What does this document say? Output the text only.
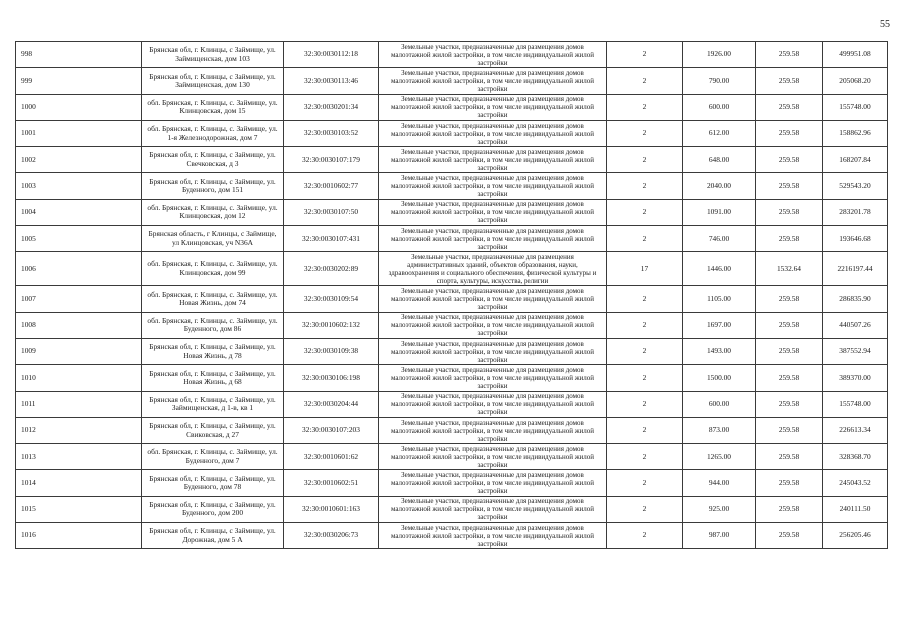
55
998	Брянская обл, г. Клинцы, с Займище, ул. Займищенская, дом 103	32:30:0030112:18	Земельные участки, предназначенные для размещения домов малоэтажной жилой застройки, в том числе индивидуальной жилой застройки	2	1926.00	259.58	499951.08
999	Брянская обл, г. Клинцы, с Займище, ул. Займищенская, дом 130	32:30:0030113:46	Земельные участки, предназначенные для размещения домов малоэтажной жилой застройки, в том числе индивидуальной жилой застройки	2	790.00	259.58	205068.20
1000	обл. Брянская, г. Клинцы, с. Займище, ул. Клинцовская, дом 15	32:30:0030201:34	Земельные участки, предназначенные для размещения домов малоэтажной жилой застройки, в том числе индивидуальной жилой застройки	2	600.00	259.58	155748.00
1001	обл. Брянская, г. Клинцы, с. Займище, ул. 1-я Железнодорожная, дом 7	32:30:0030103:52	Земельные участки, предназначенные для размещения домов малоэтажной жилой застройки, в том числе индивидуальной жилой застройки	2	612.00	259.58	158862.96
1002	Брянская обл, г. Клинцы, с Займище, ул. Свечковская, д 3	32:30:0030107:179	Земельные участки, предназначенные для размещения домов малоэтажной жилой застройки, в том числе индивидуальной жилой застройки	2	648.00	259.58	168207.84
1003	Брянская обл, г. Клинцы, с Займище, ул. Буденного, дом 151	32:30:0010602:77	Земельные участки, предназначенные для размещения домов малоэтажной жилой застройки, в том числе индивидуальной жилой застройки	2	2040.00	259.58	529543.20
1004	обл. Брянская, г. Клинцы, с. Займище, ул. Клинцовская, дом 12	32:30:0030107:50	Земельные участки, предназначенные для размещения домов малоэтажной жилой застройки, в том числе индивидуальной жилой застройки	2	1091.00	259.58	283201.78
1005	Брянская область, г Клинцы, с Займище, ул Клинцовская, уч N36А	32:30:0030107:431	Земельные участки, предназначенные для размещения домов малоэтажной жилой застройки, в том числе индивидуальной жилой застройки	2	746.00	259.58	193646.68
1006	обл. Брянская, г. Клинцы, с. Займище, ул. Клинцовская, дом 99	32:30:0030202:89	Земельные участки, предназначенные для размещения административных зданий, объектов образования, науки, здравоохранения и социального обеспечения, физической культуры и спорта, культуры, искусства, религии	17	1446.00	1532.64	2216197.44
1007	обл. Брянская, г. Клинцы, с. Займище, ул. Новая Жизнь, дом 74	32:30:0030109:54	Земельные участки, предназначенные для размещения домов малоэтажной жилой застройки, в том числе индивидуальной жилой застройки	2	1105.00	259.58	286835.90
1008	обл. Брянская, г. Клинцы, с. Займище, ул. Буденного, дом 86	32:30:0010602:132	Земельные участки, предназначенные для размещения домов малоэтажной жилой застройки, в том числе индивидуальной жилой застройки	2	1697.00	259.58	440507.26
1009	Брянская обл, г. Клинцы, с Займище, ул. Новая Жизнь, д 78	32:30:0030109:38	Земельные участки, предназначенные для размещения домов малоэтажной жилой застройки, в том числе индивидуальной жилой застройки	2	1493.00	259.58	387552.94
1010	Брянская обл, г. Клинцы, с Займище, ул. Новая Жизнь, д 68	32:30:0030106:198	Земельные участки, предназначенные для размещения домов малоэтажной жилой застройки, в том числе индивидуальной жилой застройки	2	1500.00	259.58	389370.00
1011	Брянская обл, г. Клинцы, с Займище, ул. Займищенская, д 1-в, кв 1	32:30:0030204:44	Земельные участки, предназначенные для размещения домов малоэтажной жилой застройки, в том числе индивидуальной жилой застройки	2	600.00	259.58	155748.00
1012	Брянская обл, г. Клинцы, с Займище, ул. Свиковская, д 27	32:30:0030107:203	Земельные участки, предназначенные для размещения домов малоэтажной жилой застройки, в том числе индивидуальной жилой застройки	2	873.00	259.58	226613.34
1013	обл. Брянская, г. Клинцы, с. Займище, ул. Буденного, дом 7	32:30:0010601:62	Земельные участки, предназначенные для размещения домов малоэтажной жилой застройки, в том числе индивидуальной жилой застройки	2	1265.00	259.58	328368.70
1014	Брянская обл, г. Клинцы, с Займище, ул. Буденного, дом 78	32:30:0010602:51	Земельные участки, предназначенные для размещения домов малоэтажной жилой застройки, в том числе индивидуальной жилой застройки	2	944.00	259.58	245043.52
1015	Брянская обл, г. Клинцы, с Займище, ул. Буденного, дом 200	32:30:0010601:163	Земельные участки, предназначенные для размещения домов малоэтажной жилой застройки, в том числе индивидуальной жилой застройки	2	925.00	259.58	240111.50
1016	Брянская обл, г. Клинцы, с Займище, ул. Дорожная, дом 5 А	32:30:0030206:73	Земельные участки, предназначенные для размещения домов малоэтажной жилой застройки, в том числе индивидуальной жилой застройки	2	987.00	259.58	256205.46
